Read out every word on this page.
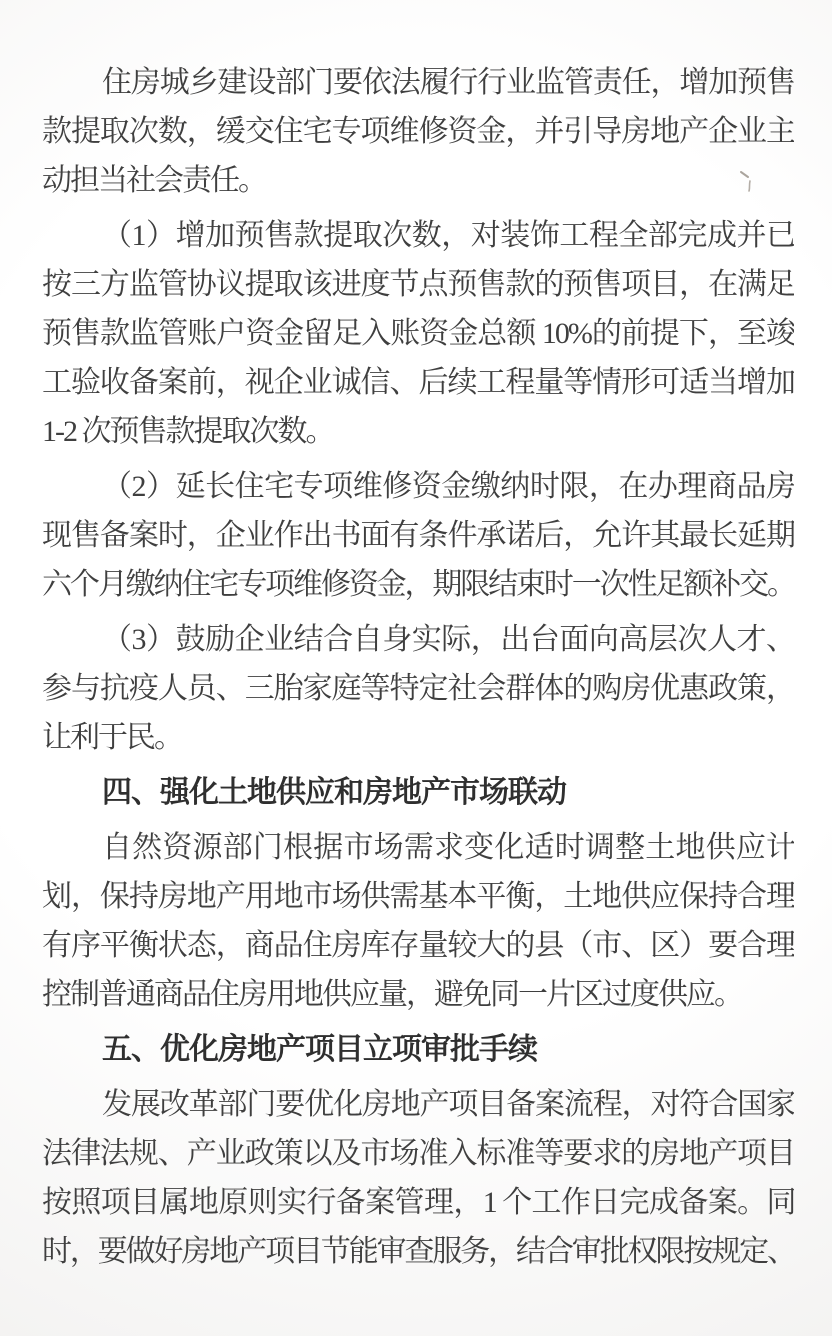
住房城乡建设部门要依法履行行业监管责任，增加预售
款提取次数，缓交住宅专项维修资金，并引导房地产企业主
动担当社会责任。
（1）增加预售款提取次数，对装饰工程全部完成并已
按三方监管协议提取该进度节点预售款的预售项目，在满足
预售款监管账户资金留足入账资金总额 10%的前提下，至竣
工验收备案前，视企业诚信、后续工程量等情形可适当增加
1-2 次预售款提取次数。
（2）延长住宅专项维修资金缴纳时限，在办理商品房
现售备案时，企业作出书面有条件承诺后，允许其最长延期
六个月缴纳住宅专项维修资金，期限结束时一次性足额补交。
（3）鼓励企业结合自身实际，出台面向高层次人才、
参与抗疫人员、三胎家庭等特定社会群体的购房优惠政策，
让利于民。
四、强化土地供应和房地产市场联动
自然资源部门根据市场需求变化适时调整土地供应计
划，保持房地产用地市场供需基本平衡，土地供应保持合理
有序平衡状态，商品住房库存量较大的县（市、区）要合理
控制普通商品住房用地供应量，避免同一片区过度供应。
五、优化房地产项目立项审批手续
发展改革部门要优化房地产项目备案流程，对符合国家
法律法规、产业政策以及市场准入标准等要求的房地产项目
按照项目属地原则实行备案管理，1 个工作日完成备案。同
时，要做好房地产项目节能审查服务，结合审批权限按规定、
